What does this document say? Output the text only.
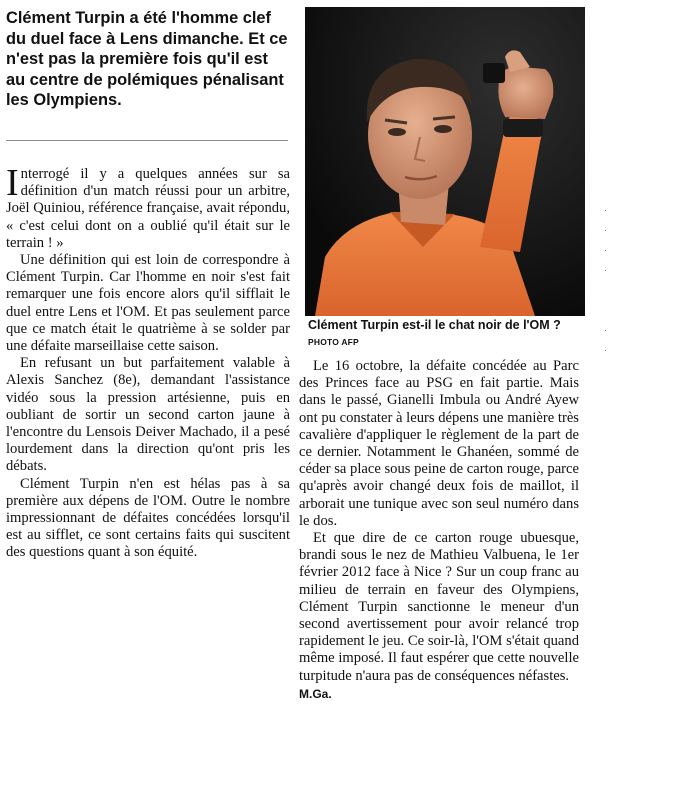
Clément Turpin a été l'homme clef du duel face à Lens dimanche. Et ce n'est pas la première fois qu'il est au centre de polémiques pénalisant les Olympiens.
Clément Turpin est-il le chat noir de l'OM ? PHOTO AFP

Interrogé il y a quelques années sur sa définition d'un match réussi pour un arbitre, Joël Quiniou, référence française, avait répondu, « c'est celui dont on a oublié qu'il était sur le terrain ! »

Une définition qui est loin de correspondre à Clément Turpin. Car l'homme en noir s'est fait remarquer une fois encore alors qu'il sifflait le duel entre Lens et l'OM. Et pas seulement parce que ce match était le quatrième à se solder par une défaite marseillaise cette saison.

En refusant un but parfaitement valable à Alexis Sanchez (8e), demandant l'assistance vidéo sous la pression artésienne, puis en oubliant de sortir un second carton jaune à l'encontre du Lensois Deiver Machado, il a pesé lourdement dans la direction qu'ont pris les débats.

Clément Turpin n'en est hélas pas à sa première aux dépens de l'OM. Outre le nombre impressionnant de défaites concédées lorsqu'il est au sifflet, ce sont certains faits qui suscitent des questions quant à son équité.

Le 16 octobre, la défaite concédée au Parc des Princes face au PSG en fait partie. Mais dans le passé, Gianelli Imbula ou André Ayew ont pu constater à leurs dépens une manière très cavalière d'appliquer le règlement de la part de ce dernier. Notamment le Ghanéen, sommé de céder sa place sous peine de carton rouge, parce qu'après avoir changé deux fois de maillot, il arborait une tunique avec son seul numéro dans le dos.

Et que dire de ce carton rouge ubuesque, brandi sous le nez de Mathieu Valbuena, le 1er février 2012 face à Nice ? Sur un coup franc au milieu de terrain en faveur des Olympiens, Clément Turpin sanctionne le meneur d'un second avertissement pour avoir relancé trop rapidement le jeu. Ce soir-là, l'OM s'était quand même imposé. Il faut espérer que cette nouvelle turpitude n'aura pas de conséquences néfastes.

M.Ga.
·
·
·
·

·
·
